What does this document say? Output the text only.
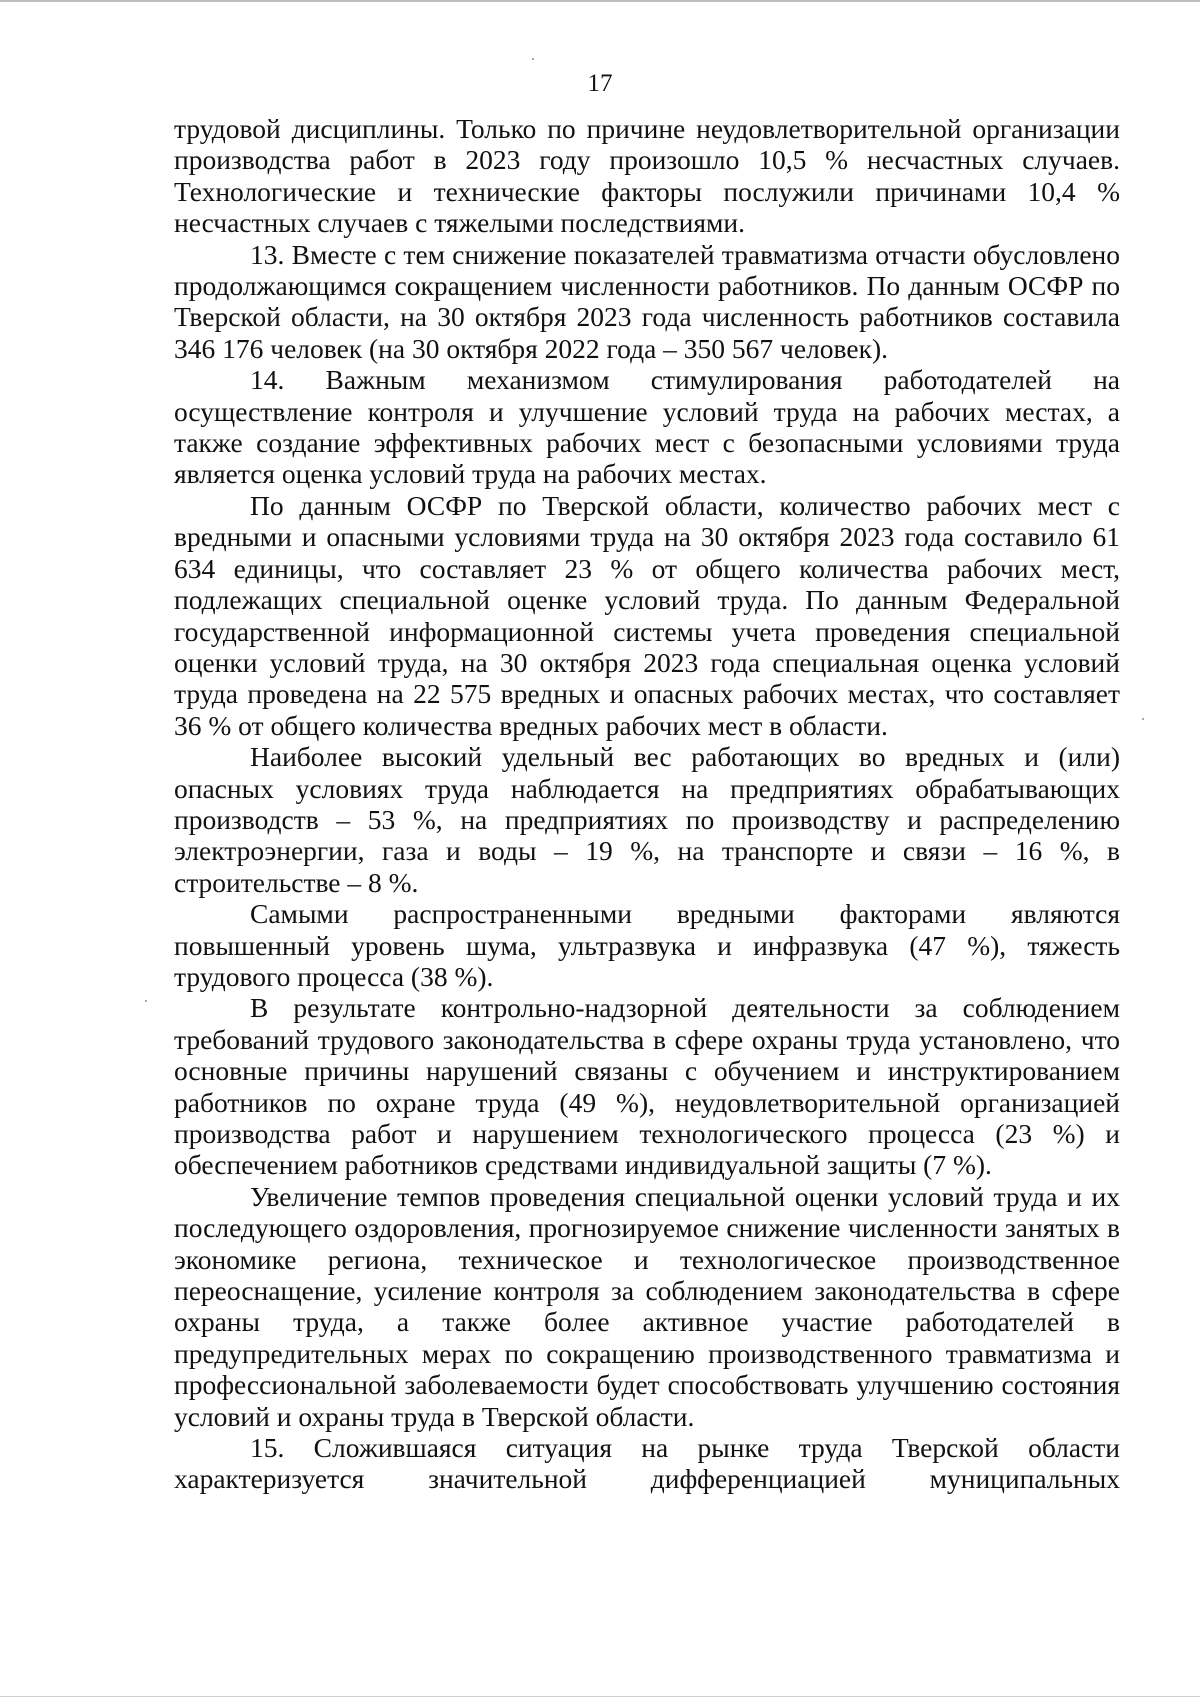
17

трудовой дисциплины. Только по причине неудовлетворительной организации производства работ в 2023 году произошло 10,5 % несчастных случаев. Технологические и технические факторы послужили причинами 10,4 % несчастных случаев с тяжелыми последствиями.

13. Вместе с тем снижение показателей травматизма отчасти обусловлено продолжающимся сокращением численности работников. По данным ОСФР по Тверской области, на 30 октября 2023 года численность работников составила 346 176 человек (на 30 октября 2022 года – 350 567 человек).

14. Важным механизмом стимулирования работодателей на осуществление контроля и улучшение условий труда на рабочих местах, а также создание эффективных рабочих мест с безопасными условиями труда является оценка условий труда на рабочих местах.

По данным ОСФР по Тверской области, количество рабочих мест с вредными и опасными условиями труда на 30 октября 2023 года составило 61 634 единицы, что составляет 23 % от общего количества рабочих мест, подлежащих специальной оценке условий труда. По данным Федеральной государственной информационной системы учета проведения специальной оценки условий труда, на 30 октября 2023 года специальная оценка условий труда проведена на 22 575 вредных и опасных рабочих местах, что составляет 36 % от общего количества вредных рабочих мест в области.

Наиболее высокий удельный вес работающих во вредных и (или) опасных условиях труда наблюдается на предприятиях обрабатывающих производств – 53 %, на предприятиях по производству и распределению электроэнергии, газа и воды – 19 %, на транспорте и связи – 16 %, в строительстве – 8 %.

Самыми распространенными вредными факторами являются повышенный уровень шума, ультразвука и инфразвука (47 %), тяжесть трудового процесса (38 %).

В результате контрольно-надзорной деятельности за соблюдением требований трудового законодательства в сфере охраны труда установлено, что основные причины нарушений связаны с обучением и инструктированием работников по охране труда (49 %), неудовлетворительной организацией производства работ и нарушением технологического процесса (23 %) и обеспечением работников средствами индивидуальной защиты (7 %).

Увеличение темпов проведения специальной оценки условий труда и их последующего оздоровления, прогнозируемое снижение численности занятых в экономике региона, техническое и технологическое производственное переоснащение, усиление контроля за соблюдением законодательства в сфере охраны труда, а также более активное участие работодателей в предупредительных мерах по сокращению производственного травматизма и профессиональной заболеваемости будет способствовать улучшению состояния условий и охраны труда в Тверской области.

15. Сложившаяся ситуация на рынке труда Тверской области характеризуется значительной дифференциацией муниципальных
